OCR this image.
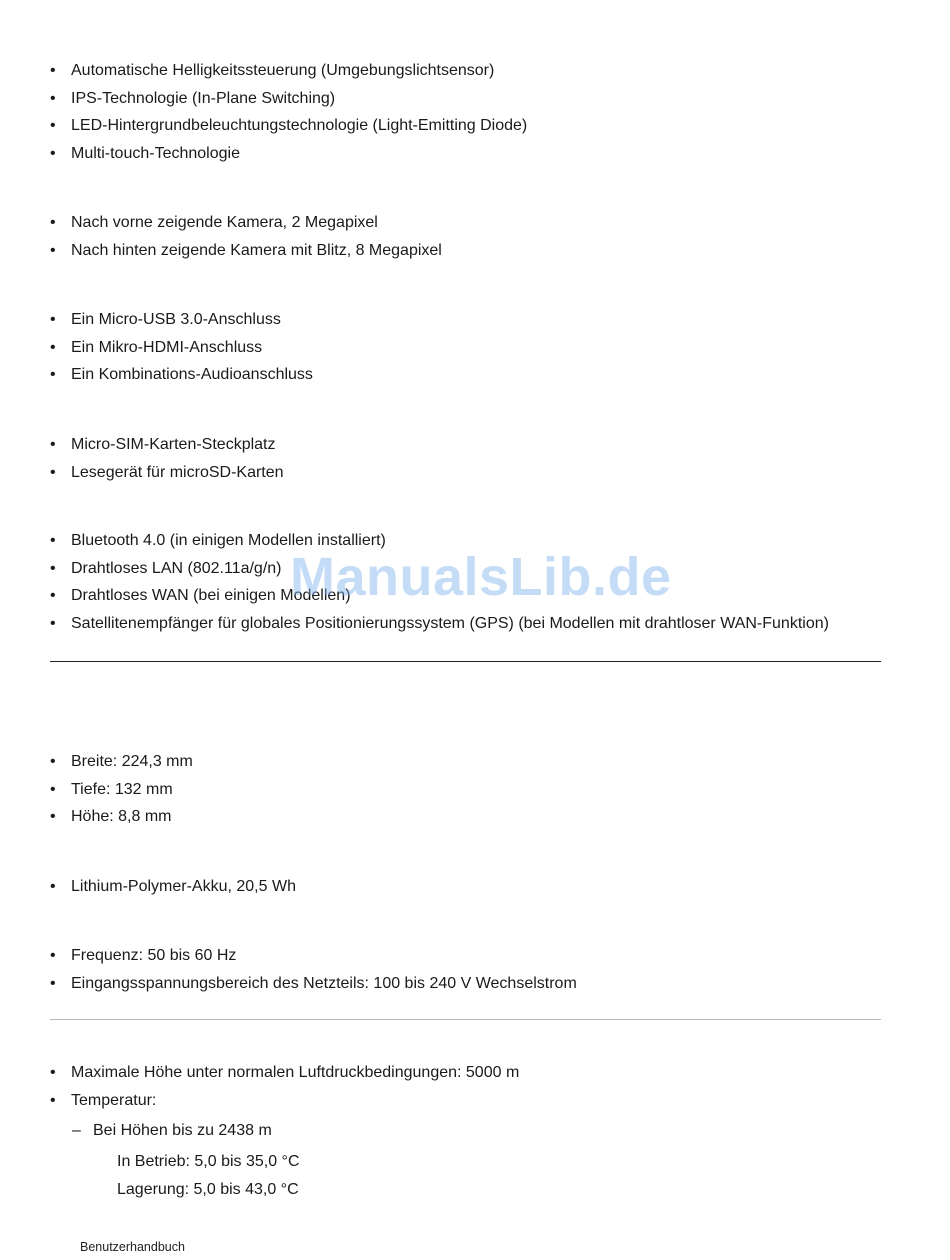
• Automatische Helligkeitssteuerung (Umgebungslichtsensor)
• IPS-Technologie (In-Plane Switching)
• LED-Hintergrundbeleuchtungstechnologie (Light-Emitting Diode)
• Multi-touch-Technologie
• Nach vorne zeigende Kamera, 2 Megapixel
• Nach hinten zeigende Kamera mit Blitz, 8 Megapixel
• Ein Micro-USB 3.0-Anschluss
• Ein Mikro-HDMI-Anschluss
• Ein Kombinations-Audioanschluss
• Micro-SIM-Karten-Steckplatz
• Lesegerät für microSD-Karten
• Bluetooth 4.0 (in einigen Modellen installiert)
• Drahtloses LAN (802.11a/g/n)
• Drahtloses WAN (bei einigen Modellen)
• Satellitenempfänger für globales Positionierungssystem (GPS) (bei Modellen mit drahtloser WAN-Funktion)
• Breite: 224,3 mm
• Tiefe: 132 mm
• Höhe: 8,8 mm
• Lithium-Polymer-Akku, 20,5 Wh
• Frequenz: 50 bis 60 Hz
• Eingangsspannungsbereich des Netzteils: 100 bis 240 V Wechselstrom
• Maximale Höhe unter normalen Luftdruckbedingungen: 5000 m
• Temperatur:
– Bei Höhen bis zu 2438 m
In Betrieb: 5,0 bis 35,0 °C
Lagerung: 5,0 bis 43,0 °C
ManualsLib.de
Benutzerhandbuch
